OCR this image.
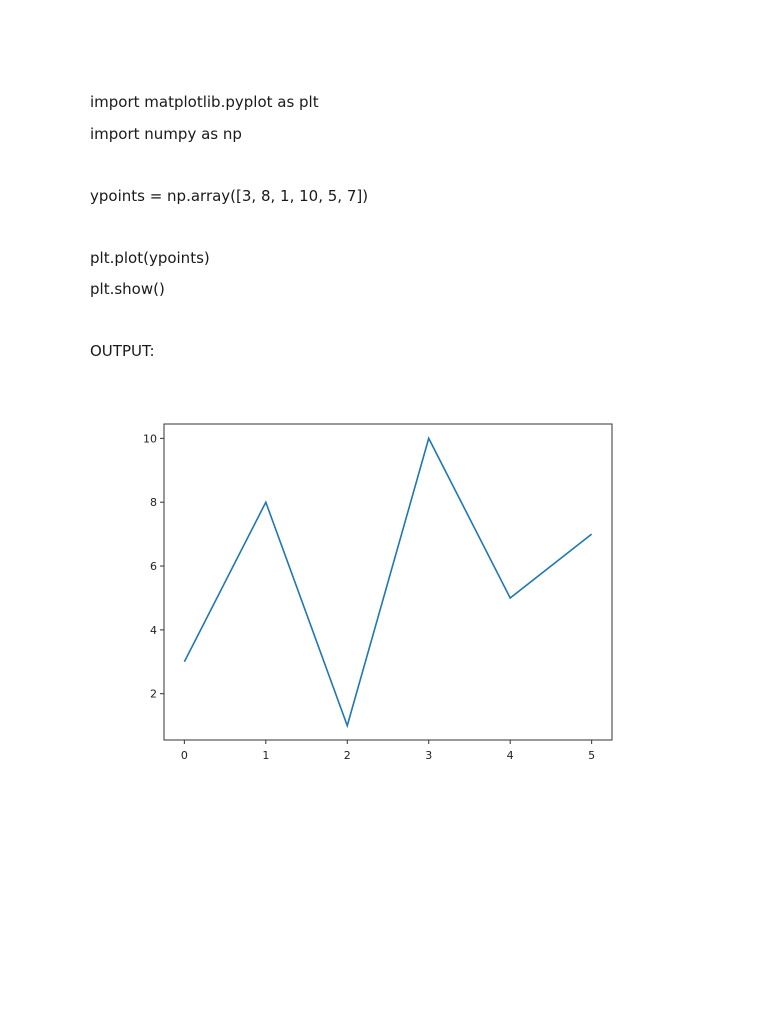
import matplotlib.pyplot as plt

import numpy as np

ypoints = np.array([3, 8, 1, 10, 5, 7])

plt.plot(ypoints)

plt.show()

OUTPUT:

0	1	2	3	4	5
2
4
6
8
10
